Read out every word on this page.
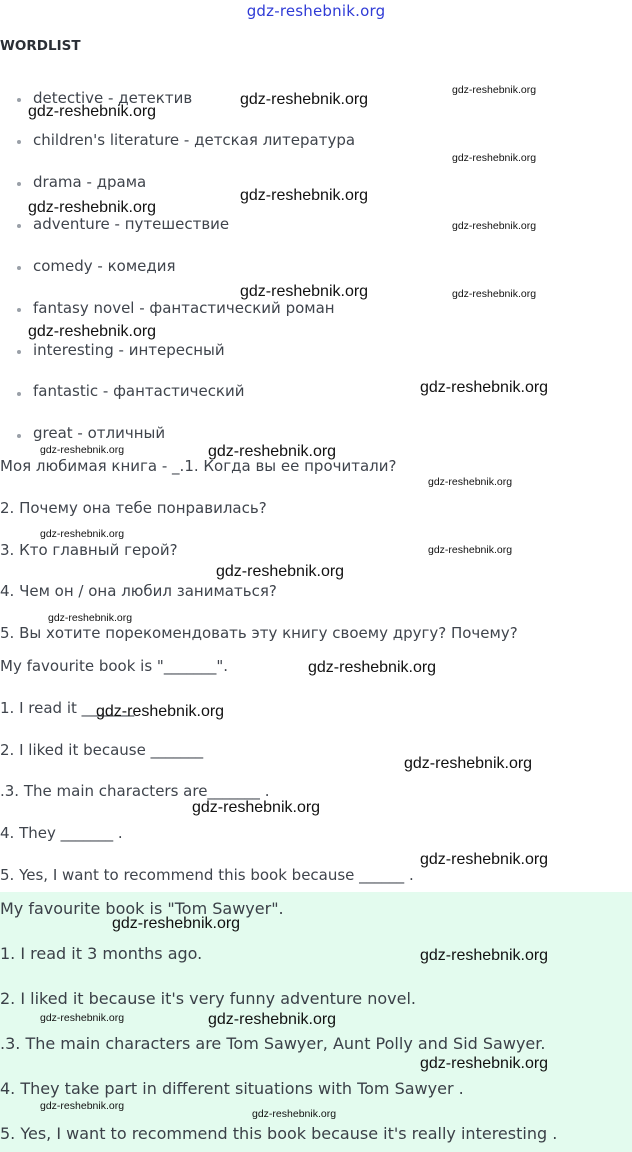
gdz-reshebnik.org
WORDLIST
detective - детектив
children's literature - детская литература
drama - драма
adventure - путешествие
comedy - комедия
fantasy novel - фантастический роман
interesting - интересный
fantastic - фантастический
great - отличный
Моя любимая книга - _.1. Когда вы ее прочитали?
2. Почему она тебе понравилась?
3. Кто главный герой?
4. Чем он / она любил заниматься?
5. Вы хотите порекомендовать эту книгу своему другу? Почему?
My favourite book is "_______".
1. I read it _______
2. I liked it because _______
.3. The main characters are_______ .
4. They _______ .
5. Yes, I want to recommend this book because ______ .
My favourite book is "Tom Sawyer".
1. I read it 3 months ago.
2. I liked it because it's very funny adventure novel.
.3. The main characters are Tom Sawyer, Aunt Polly and Sid Sawyer.
4. They take part in different situations with Tom Sawyer .
5. Yes, I want to recommend this book because it's really interesting .
gdz-reshebnik.org
gdz-reshebnik.org
gdz-reshebnik.org
gdz-reshebnik.org
gdz-reshebnik.org
gdz-reshebnik.org
gdz-reshebnik.org
gdz-reshebnik.org	gdz-reshebnik.org
gdz-reshebnik.org
gdz-reshebnik.org
gdz-reshebnik.org	gdz-reshebnik.org
gdz-reshebnik.org
gdz-reshebnik.org
gdz-reshebnik.org
gdz-reshebnik.org
gdz-reshebnik.org
gdz-reshebnik.org
gdz-reshebnik.org
gdz-reshebnik.org
gdz-reshebnik.org
gdz-reshebnik.org
gdz-reshebnik.org
gdz-reshebnik.org
gdz-reshebnik.org	gdz-reshebnik.org
gdz-reshebnik.org
gdz-reshebnik.org
gdz-reshebnik.org
